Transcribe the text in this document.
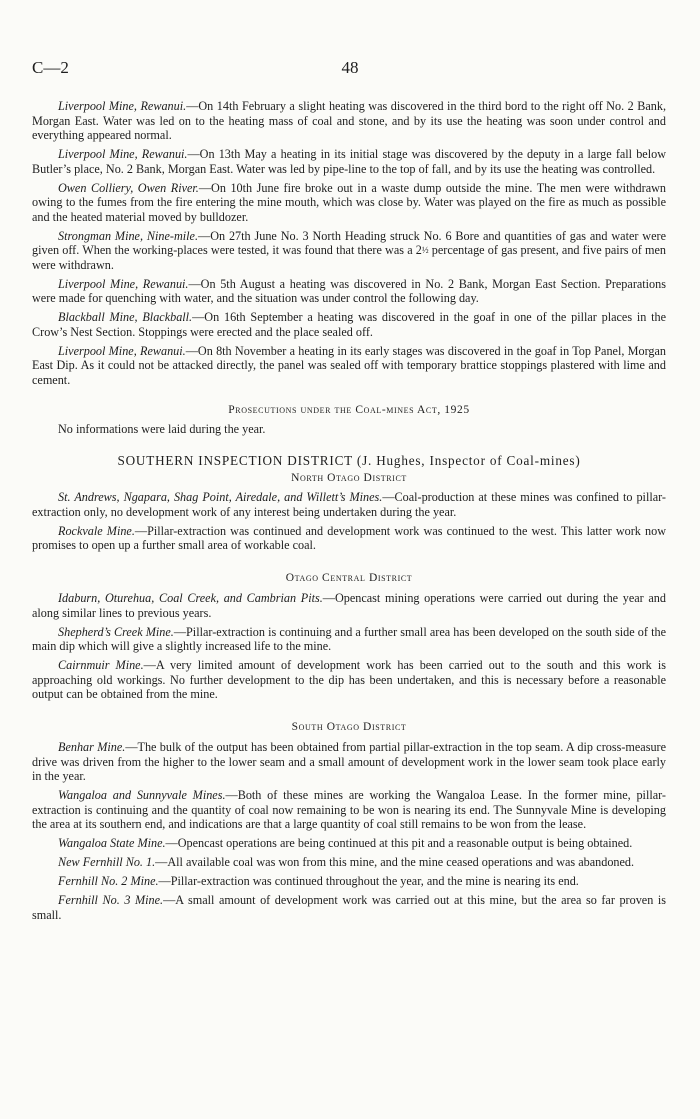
C—2	48

Liverpool Mine, Rewanui.—On 14th February a slight heating was discovered in the third bord to the right off No. 2 Bank, Morgan East. Water was led on to the heating mass of coal and stone, and by its use the heating was soon under control and everything appeared normal.

Liverpool Mine, Rewanui.—On 13th May a heating in its initial stage was discovered by the deputy in a large fall below Butler’s place, No. 2 Bank, Morgan East. Water was led by pipe-line to the top of fall, and by its use the heating was controlled.

Owen Colliery, Owen River.—On 10th June fire broke out in a waste dump outside the mine. The men were withdrawn owing to the fumes from the fire entering the mine mouth, which was close by. Water was played on the fire as much as possible and the heated material moved by bulldozer.

Strongman Mine, Nine-mile.—On 27th June No. 3 North Heading struck No. 6 Bore and quantities of gas and water were given off. When the working-places were tested, it was found that there was a 2½ percentage of gas present, and five pairs of men were withdrawn.

Liverpool Mine, Rewanui.—On 5th August a heating was discovered in No. 2 Bank, Morgan East Section. Preparations were made for quenching with water, and the situation was under control the following day.

Blackball Mine, Blackball.—On 16th September a heating was discovered in the goaf in one of the pillar places in the Crow’s Nest Section. Stoppings were erected and the place sealed off.

Liverpool Mine, Rewanui.—On 8th November a heating in its early stages was discovered in the goaf in Top Panel, Morgan East Dip. As it could not be attacked directly, the panel was sealed off with temporary brattice stoppings plastered with lime and cement.

Prosecutions under the Coal-mines Act, 1925

No informations were laid during the year.

SOUTHERN INSPECTION DISTRICT (J. Hughes, Inspector of Coal-mines)

North Otago District

St. Andrews, Ngapara, Shag Point, Airedale, and Willett’s Mines.—Coal-production at these mines was confined to pillar-extraction only, no development work of any interest being undertaken during the year.

Rockvale Mine.—Pillar-extraction was continued and development work was continued to the west. This latter work now promises to open up a further small area of workable coal.

Otago Central District

Idaburn, Oturehua, Coal Creek, and Cambrian Pits.—Opencast mining operations were carried out during the year and along similar lines to previous years.

Shepherd’s Creek Mine.—Pillar-extraction is continuing and a further small area has been developed on the south side of the main dip which will give a slightly increased life to the mine.

Cairnmuir Mine.—A very limited amount of development work has been carried out to the south and this work is approaching old workings. No further development to the dip has been undertaken, and this is necessary before a reasonable output can be obtained from the mine.

South Otago District

Benhar Mine.—The bulk of the output has been obtained from partial pillar-extraction in the top seam. A dip cross-measure drive was driven from the higher to the lower seam and a small amount of development work in the lower seam took place early in the year.

Wangaloa and Sunnyvale Mines.—Both of these mines are working the Wangaloa Lease. In the former mine, pillar-extraction is continuing and the quantity of coal now remaining to be won is nearing its end. The Sunnyvale Mine is developing the area at its southern end, and indications are that a large quantity of coal still remains to be won from the lease.

Wangaloa State Mine.—Opencast operations are being continued at this pit and a reasonable output is being obtained.

New Fernhill No. 1.—All available coal was won from this mine, and the mine ceased operations and was abandoned.

Fernhill No. 2 Mine.—Pillar-extraction was continued throughout the year, and the mine is nearing its end.

Fernhill No. 3 Mine.—A small amount of development work was carried out at this mine, but the area so far proven is small.
